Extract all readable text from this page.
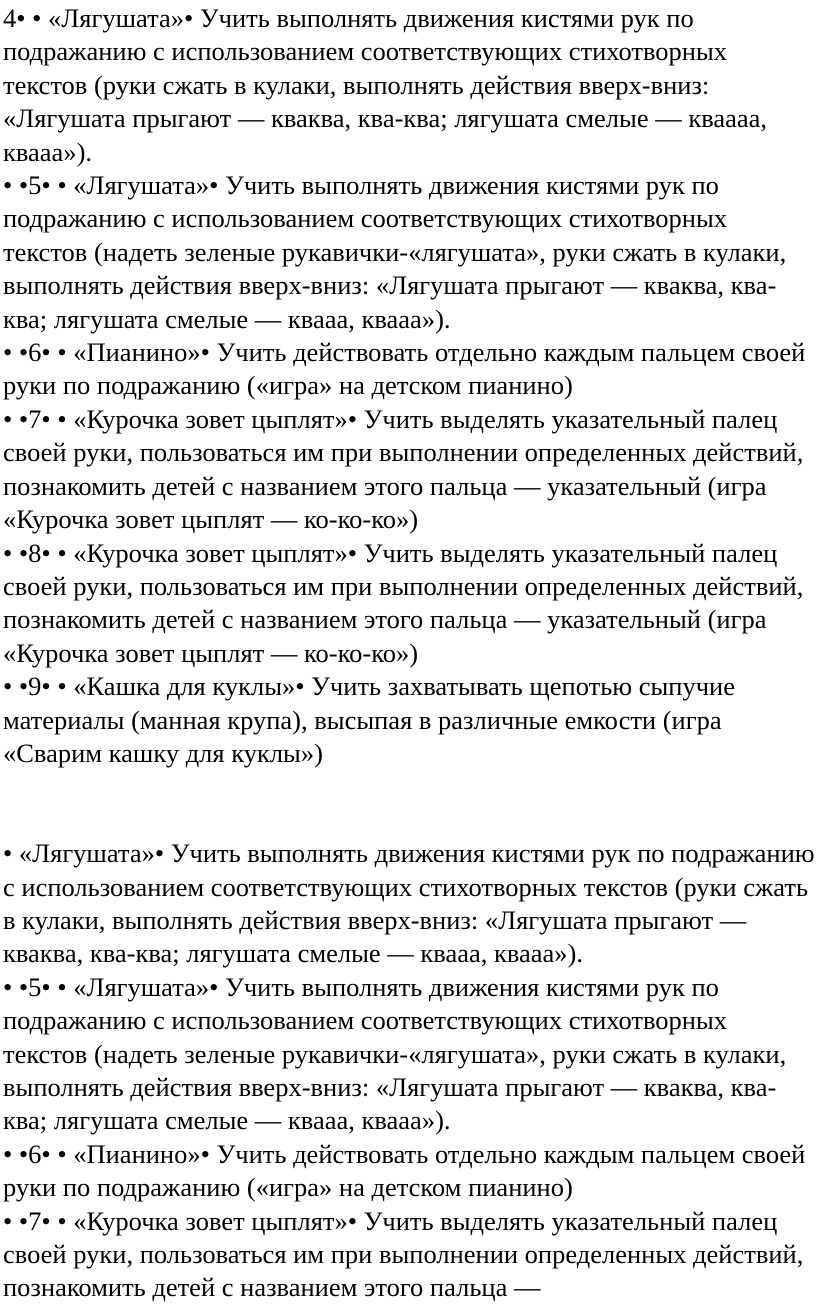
4• • «Лягушата»• Учить выполнять движения кистями рук по подражанию с использованием соответствующих стихотворных текстов (руки сжать в кулаки, выполнять действия вверх-вниз: «Лягушата прыгают — кваква, ква-ква; лягушата смелые — кваааа, квааа»).

• •5• • «Лягушата»• Учить выполнять движения кистями рук по подражанию с использованием соответствующих стихотворных текстов (надеть зеленые рукавички-«лягушата», руки сжать в кулаки, выполнять действия вверх-вниз: «Лягушата прыгают — кваква, ква-ква; лягушата смелые — квааа, квааа»).

• •6• • «Пианино»• Учить действовать отдельно каждым пальцем своей руки по подражанию («игра» на детском пианино)

• •7• • «Курочка зовет цыплят»• Учить выделять указательный палец своей руки, пользоваться им при выполнении определенных действий, познакомить детей с названием этого пальца — указательный (игра «Курочка зовет цыплят — ко-ко-ко»)

• •8• • «Курочка зовет цыплят»• Учить выделять указательный палец своей руки, пользоваться им при выполнении определенных действий, познакомить детей с названием этого пальца — указательный (игра «Курочка зовет цыплят — ко-ко-ко»)

• •9• • «Кашка для куклы»• Учить захватывать щепотью сыпучие материалы (манная крупа), высыпая в различные емкости (игра «Сварим кашку для куклы»)

• «Лягушата»• Учить выполнять движения кистями рук по подражанию с использованием соответствующих стихотворных текстов (руки сжать в кулаки, выполнять действия вверх-вниз: «Лягушата прыгают — кваква, ква-ква; лягушата смелые — квааа, квааа»).

• •5• • «Лягушата»• Учить выполнять движения кистями рук по подражанию с использованием соответствующих стихотворных текстов (надеть зеленые рукавички-«лягушата», руки сжать в кулаки, выполнять действия вверх-вниз: «Лягушата прыгают — кваква, ква-ква; лягушата смелые — квааа, квааа»).

• •6• • «Пианино»• Учить действовать отдельно каждым пальцем своей руки по подражанию («игра» на детском пианино)

• •7• • «Курочка зовет цыплят»• Учить выделять указательный палец своей руки, пользоваться им при выполнении определенных действий, познакомить детей с названием этого пальца —
